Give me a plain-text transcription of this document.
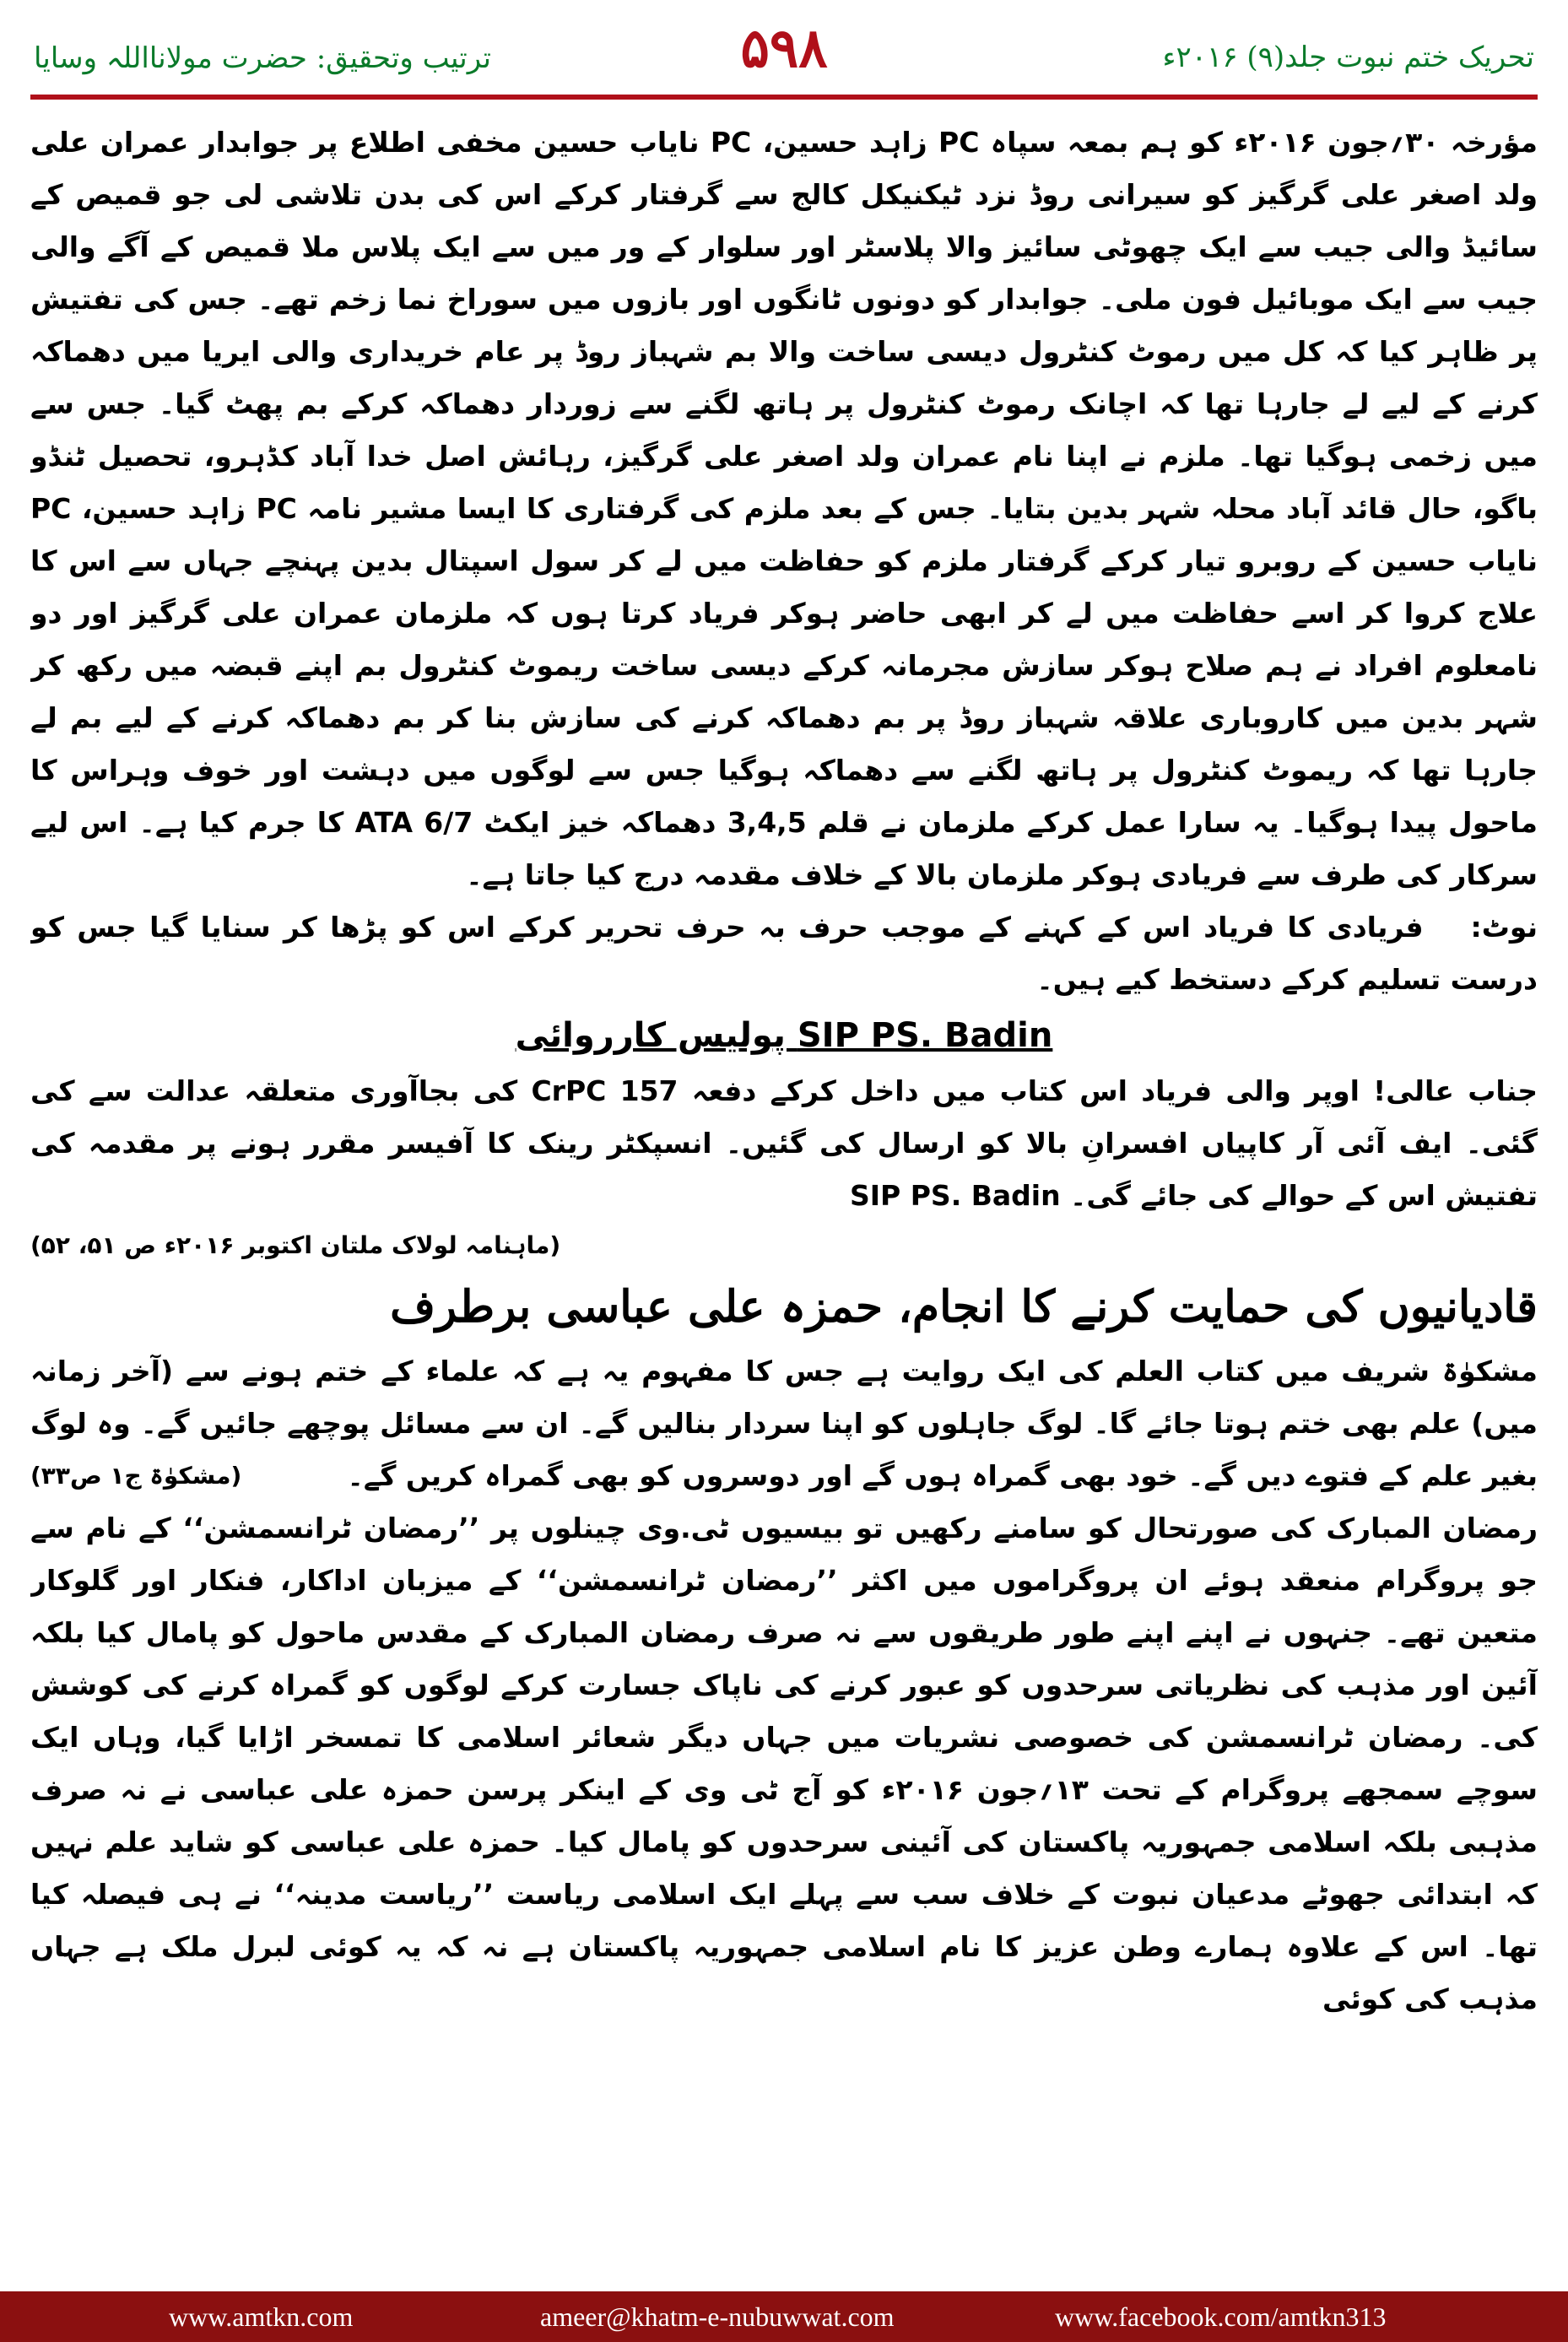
ترتیب وتحقیق: حضرت مولانااللہ وسایا	۵۹۸	تحریک ختم نبوت جلد(۹) ۲۰۱۶ء

مؤرخہ ۳۰؍جون ۲۰۱۶ء کو ہم بمعہ سپاہ PC زاہد حسین، PC نایاب حسین مخفی اطلاع پر جوابدار عمران علی ولد اصغر علی گرگیز کو سیرانی روڈ نزد ٹیکنیکل کالج سے گرفتار کرکے اس کی بدن تلاشی لی جو قمیص کے سائیڈ والی جیب سے ایک چھوٹی سائیز والا پلاسٹر اور سلوار کے ور میں سے ایک پلاس ملا قمیص کے آگے والی جیب سے ایک موبائیل فون ملی۔ جوابدار کو دونوں ٹانگوں اور بازوں میں سوراخ نما زخم تھے۔ جس کی تفتیش پر ظاہر کیا کہ کل میں رموٹ کنٹرول دیسی ساخت والا بم شہباز روڈ پر عام خریداری والی ایریا میں دھماکہ کرنے کے لیے لے جارہا تھا کہ اچانک رموٹ کنٹرول پر ہاتھ لگنے سے زوردار دھماکہ کرکے بم پھٹ گیا۔ جس سے میں زخمی ہوگیا تھا۔ ملزم نے اپنا نام عمران ولد اصغر علی گرگیز، رہائش اصل خدا آباد کڈہرو، تحصیل ٹنڈو باگو، حال قائد آباد محلہ شہر بدین بتایا۔ جس کے بعد ملزم کی گرفتاری کا ایسا مشیر نامہ PC زاہد حسین، PC نایاب حسین کے روبرو تیار کرکے گرفتار ملزم کو حفاظت میں لے کر سول اسپتال بدین پہنچے جہاں سے اس کا علاج کروا کر اسے حفاظت میں لے کر ابھی حاضر ہوکر فریاد کرتا ہوں کہ ملزمان عمران علی گرگیز اور دو نامعلوم افراد نے ہم صلاح ہوکر سازش مجرمانہ کرکے دیسی ساخت ریموٹ کنٹرول بم اپنے قبضہ میں رکھ کر شہر بدین میں کاروباری علاقہ شہباز روڈ پر بم دھماکہ کرنے کی سازش بنا کر بم دھماکہ کرنے کے لیے بم لے جارہا تھا کہ ریموٹ کنٹرول پر ہاتھ لگنے سے دھماکہ ہوگیا جس سے لوگوں میں دہشت اور خوف وہراس کا ماحول پیدا ہوگیا۔ یہ سارا عمل کرکے ملزمان نے قلم 3,4,5 دھماکہ خیز ایکٹ ATA 6/7 کا جرم کیا ہے۔ اس لیے سرکار کی طرف سے فریادی ہوکر ملزمان بالا کے خلاف مقدمہ درج کیا جاتا ہے۔

نوٹ: فریادی کا فریاد اس کے کہنے کے موجب حرف بہ حرف تحریر کرکے اس کو پڑھا کر سنایا گیا جس کو درست تسلیم کرکے دستخط کیے ہیں۔

SIP PS. Badin پولیس کارروائی

جناب عالی! اوپر والی فریاد اس کتاب میں داخل کرکے دفعہ 157 CrPC کی بجاآوری متعلقہ عدالت سے کی گئی۔ ایف آئی آر کاپیاں افسرانِ بالا کو ارسال کی گئیں۔ انسپکٹر رینک کا آفیسر مقرر ہونے پر مقدمہ کی تفتیش اس کے حوالے کی جائے گی۔ SIP PS. Badin

(ماہنامہ لولاک ملتان اکتوبر ۲۰۱۶ء ص ۵۱، ۵۲)

قادیانیوں کی حمایت کرنے کا انجام، حمزہ علی عباسی برطرف

مشکوٰۃ شریف میں کتاب العلم کی ایک روایت ہے جس کا مفہوم یہ ہے کہ علماء کے ختم ہونے سے (آخر زمانہ میں) علم بھی ختم ہوتا جائے گا۔ لوگ جاہلوں کو اپنا سردار بنالیں گے۔ ان سے مسائل پوچھے جائیں گے۔ وہ لوگ بغیر علم کے فتوے دیں گے۔ خود بھی گمراہ ہوں گے اور دوسروں کو بھی گمراہ کریں گے۔
(مشکوٰۃ ج۱ ص۳۳)

رمضان المبارک کی صورتحال کو سامنے رکھیں تو بیسیوں ٹی.وی چینلوں پر ’’رمضان ٹرانسمشن‘‘ کے نام سے جو پروگرام منعقد ہوئے ان پروگراموں میں اکثر ’’رمضان ٹرانسمشن‘‘ کے میزبان اداکار، فنکار اور گلوکار متعین تھے۔ جنہوں نے اپنے اپنے طور طریقوں سے نہ صرف رمضان المبارک کے مقدس ماحول کو پامال کیا بلکہ آئین اور مذہب کی نظریاتی سرحدوں کو عبور کرنے کی ناپاک جسارت کرکے لوگوں کو گمراہ کرنے کی کوشش کی۔ رمضان ٹرانسمشن کی خصوصی نشریات میں جہاں دیگر شعائر اسلامی کا تمسخر اڑایا گیا، وہاں ایک سوچے سمجھے پروگرام کے تحت ۱۳؍جون ۲۰۱۶ء کو آج ٹی وی کے اینکر پرسن حمزہ علی عباسی نے نہ صرف مذہبی بلکہ اسلامی جمہوریہ پاکستان کی آئینی سرحدوں کو پامال کیا۔ حمزہ علی عباسی کو شاید علم نہیں کہ ابتدائی جھوٹے مدعیان نبوت کے خلاف سب سے پہلے ایک اسلامی ریاست ’’ریاست مدینہ‘‘ نے ہی فیصلہ کیا تھا۔ اس کے علاوہ ہمارے وطن عزیز کا نام اسلامی جمہوریہ پاکستان ہے نہ کہ یہ کوئی لبرل ملک ہے جہاں مذہب کی کوئی

www.amtkn.com	ameer@khatm-e-nubuwwat.com	www.facebook.com/amtkn313
